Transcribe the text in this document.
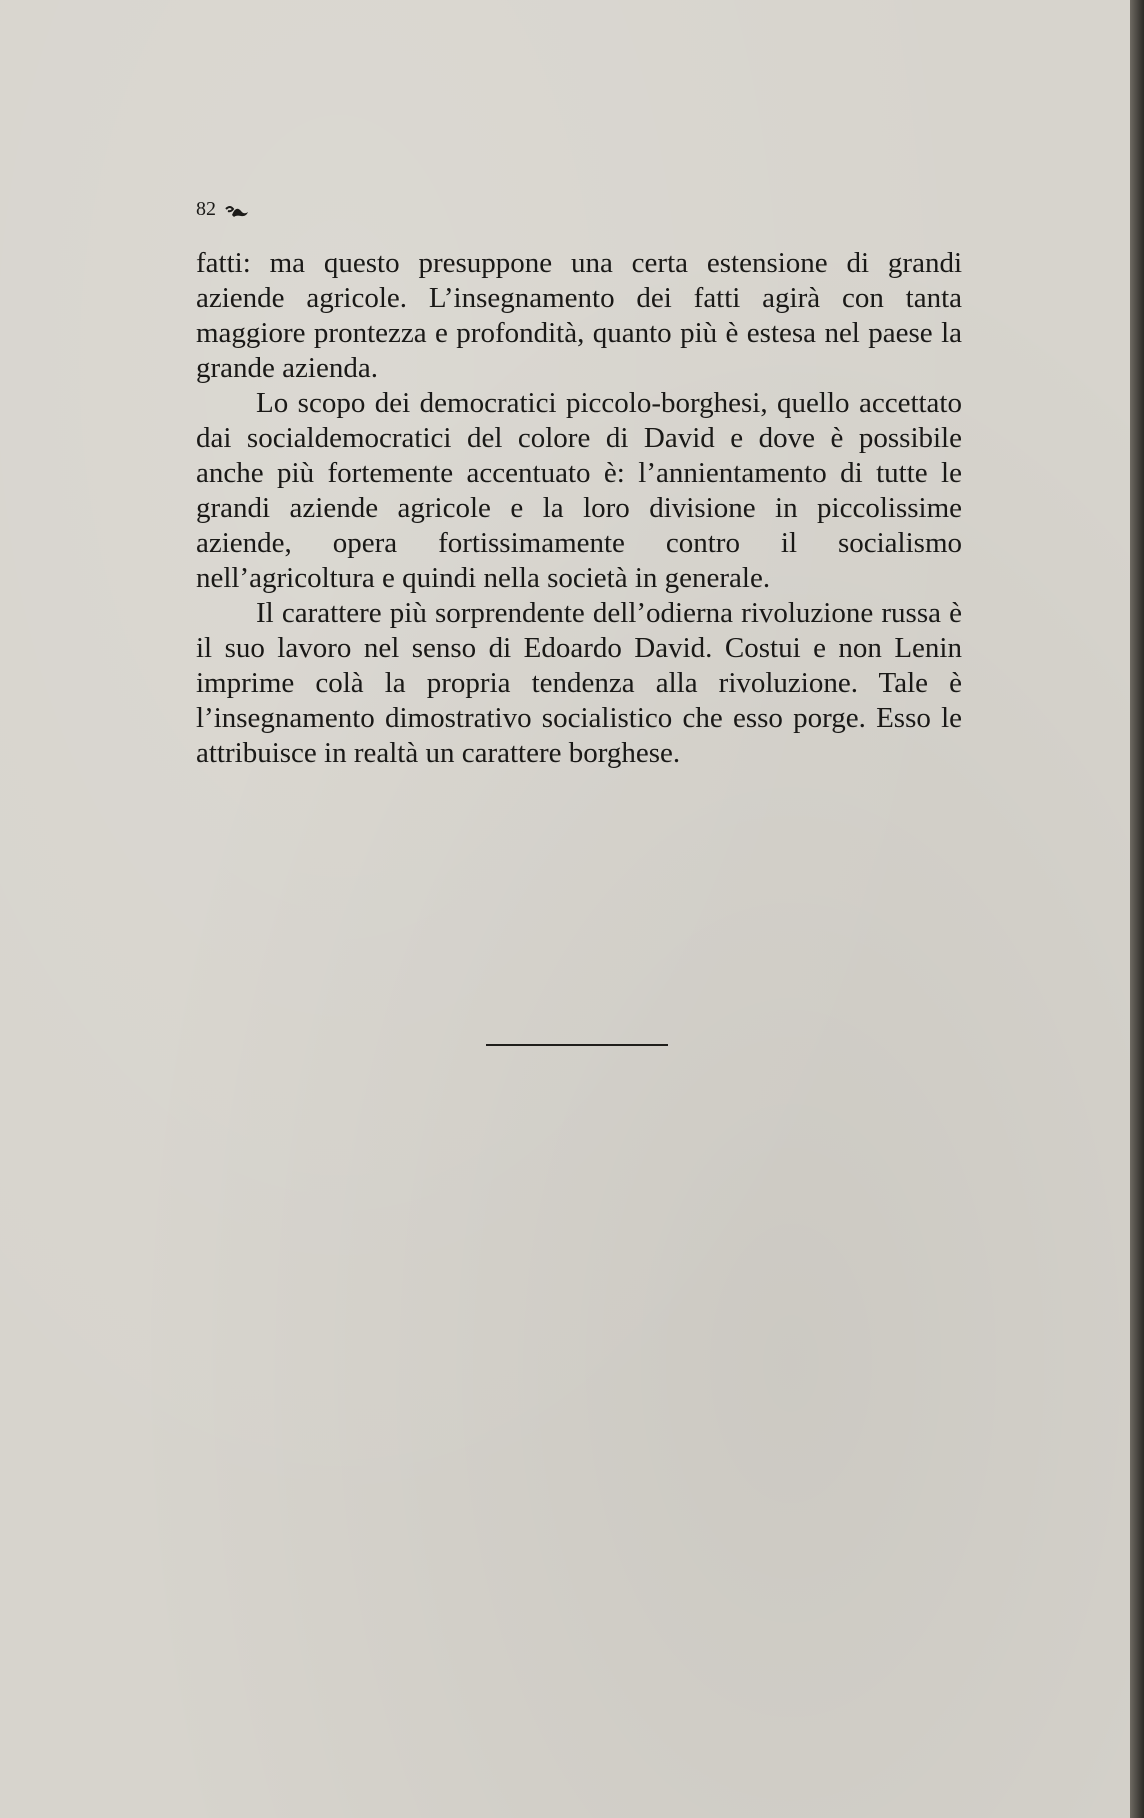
82

fatti: ma questo presuppone una certa estensione di grandi aziende agricole. L’insegnamento dei fatti agirà con tanta maggiore prontezza e profondità, quanto più è estesa nel paese la grande azienda.

Lo scopo dei democratici piccolo-borghesi, quello accettato dai socialdemocratici del colore di David e dove è possibile anche più fortemente accentuato è: l’annientamento di tutte le grandi aziende agricole e la loro divisione in piccolissime aziende, opera fortissimamente contro il socialismo nell’agricoltura e quindi nella società in generale.

Il carattere più sorprendente dell’odierna rivoluzione russa è il suo lavoro nel senso di Edoardo David. Costui e non Lenin imprime colà la propria tendenza alla rivoluzione. Tale è l’insegnamento dimostrativo socialistico che esso porge. Esso le attribuisce in realtà un carattere borghese.
